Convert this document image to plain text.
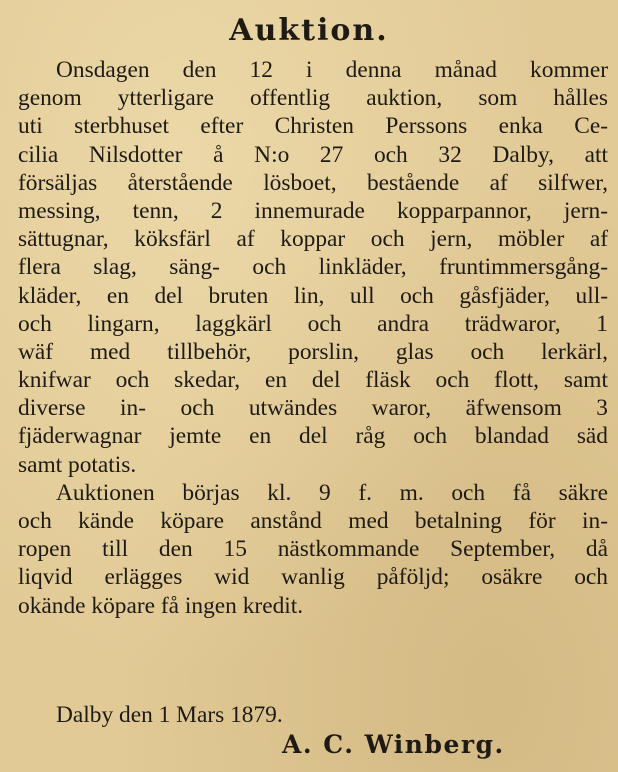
Auktion.
Onsdagen den 12 i denna månad kommer
genom ytterligare offentlig auktion, som hålles
uti sterbhuset efter Christen Perssons enka Ce-
cilia Nilsdotter å N:o 27 och 32 Dalby, att
försäljas återstående lösboet, bestående af silfwer,
messing, tenn, 2 innemurade kopparpannor, jern-
sättugnar, köksfärl af koppar och jern, möbler af
flera slag, säng- och linkläder, fruntimmersgång-
kläder, en del bruten lin, ull och gåsfjäder, ull-
och lingarn, laggkärl och andra trädwaror, 1
wäf med tillbehör, porslin, glas och lerkärl,
knifwar och skedar, en del fläsk och flott, samt
diverse in- och utwändes waror, äfwensom 3
fjäderwagnar jemte en del råg och blandad säd
samt potatis.
Auktionen börjas kl. 9 f. m. och få säkre
och kände köpare anstånd med betalning för in-
ropen till den 15 nästkommande September, då
liqvid erlägges wid wanlig påföljd; osäkre och
okände köpare få ingen kredit.
Dalby den 1 Mars 1879.
A. C. Winberg.
